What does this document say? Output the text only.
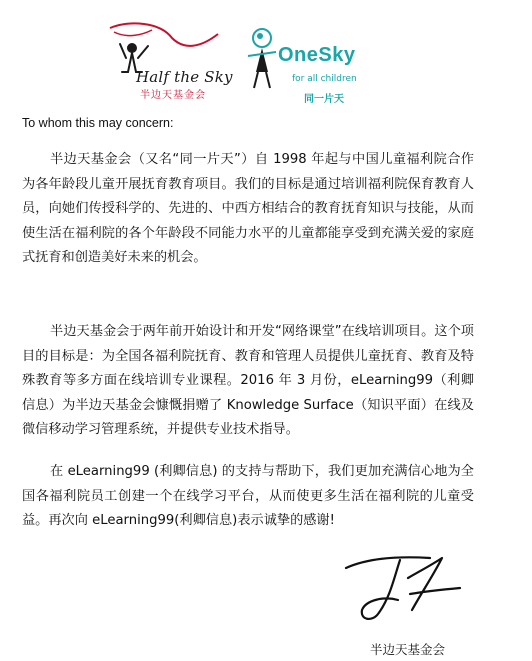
Half the Sky
半边天基金会
OneSky
for all children
同一片天
To whom this may concern:

半边天基金会（又名“同一片天”）自 1998 年起与中国儿童福利院合作为各年龄段儿童开展抚育教育项目。我们的目标是通过培训福利院保育教育人员，向她们传授科学的、先进的、中西方相结合的教育抚育知识与技能，从而使生活在福利院的各个年龄段不同能力水平的儿童都能享受到充满关爱的家庭式抚育和创造美好未来的机会。

半边天基金会于两年前开始设计和开发“网络课堂”在线培训项目。这个项目的目标是：为全国各福利院抚育、教育和管理人员提供儿童抚育、教育及特殊教育等多方面在线培训专业课程。2016 年 3 月份，eLearning99（利卿信息）为半边天基金会慷慨捐赠了 Knowledge Surface（知识平面）在线及微信移动学习管理系统，并提供专业技术指导。

在 eLearning99 (利卿信息) 的支持与帮助下，我们更加充满信心地为全国各福利院员工创建一个在线学习平台，从而使更多生活在福利院的儿童受益。再次向 eLearning99(利卿信息)表示诚挚的感谢!

半边天基金会
